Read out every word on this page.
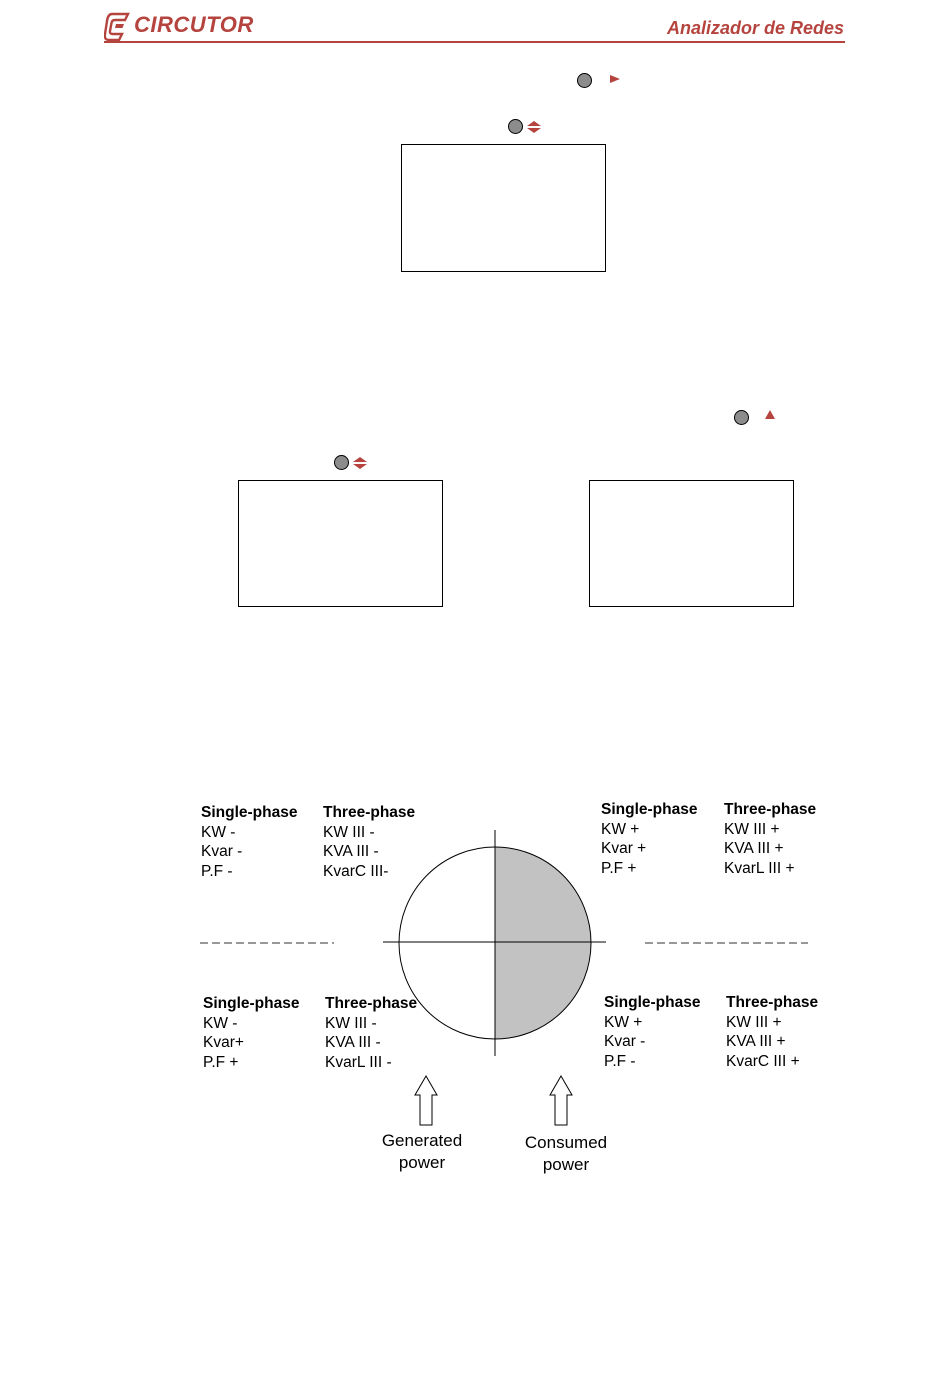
CIRCUTOR	Analizador de Redes
Single-phase
KW -
Kvar -
P.F -
Three-phase
KW III -
KVA III -
KvarC III-
Single-phase
KW +
Kvar +
P.F +
Three-phase
KW III +
KVA III +
KvarL III +
Single-phase
KW -
Kvar+
P.F +
Three-phase
KW III -
KVA III -
KvarL III -
Single-phase
KW +
Kvar -
P.F -
Three-phase
KW III +
KVA III +
KvarC III +
Generated
power
Consumed
power
